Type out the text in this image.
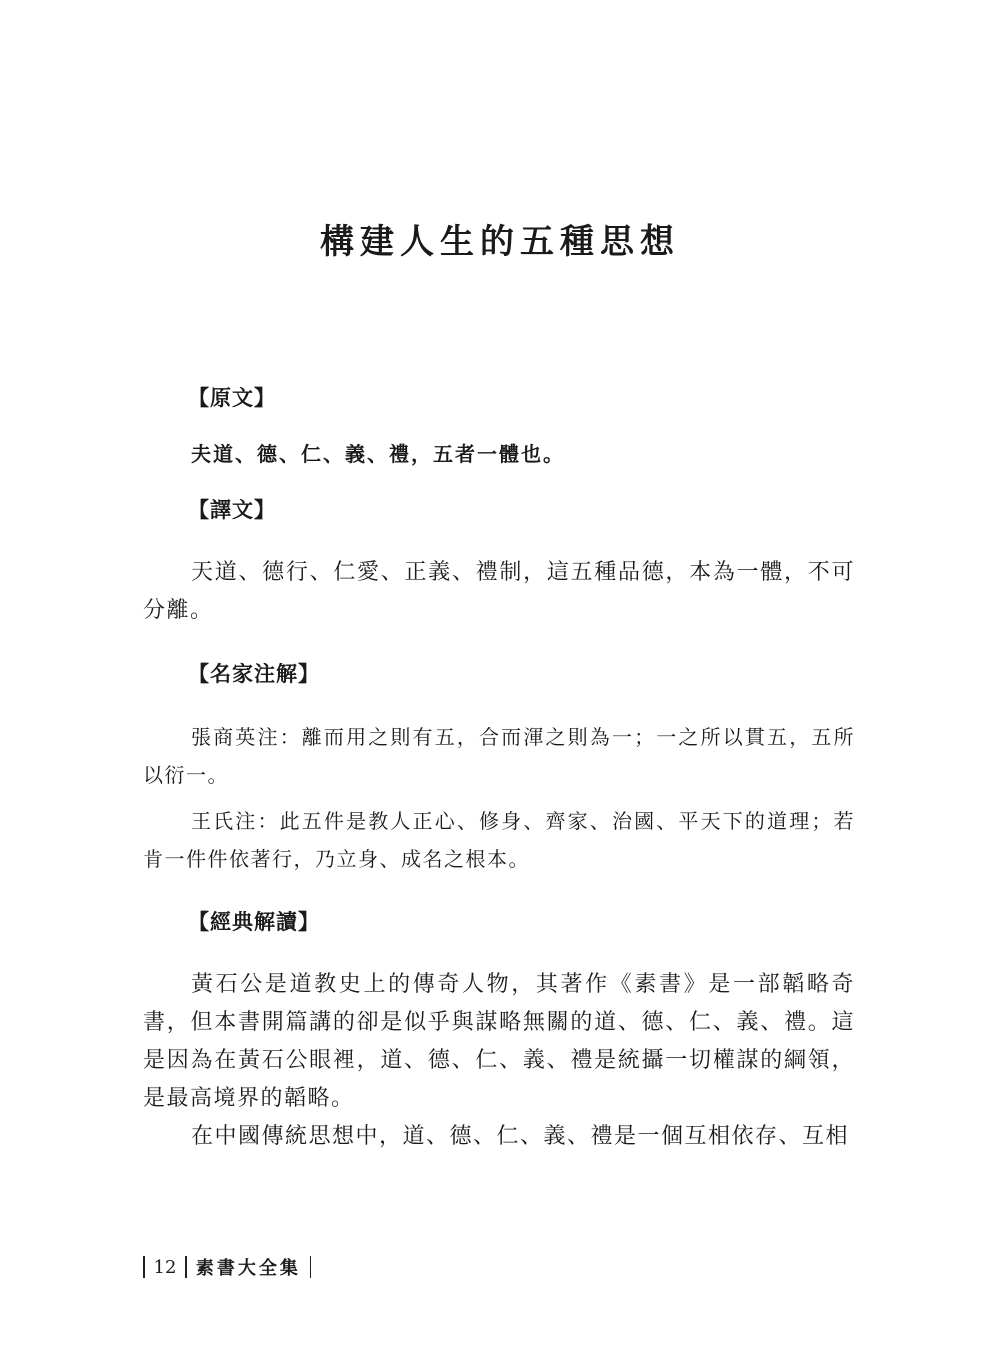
構建人生的五種思想
【原文】
夫道、德、仁、義、禮，五者一體也。
【譯文】

天道、德行、仁愛、正義、禮制，這五種品德，本為一體，不可分離。

【名家注解】

張商英注：離而用之則有五，合而渾之則為一；一之所以貫五，五所以衍一。

王氏注：此五件是教人正心、修身、齊家、治國、平天下的道理；若肯一件件依著行，乃立身、成名之根本。

【經典解讀】

黃石公是道教史上的傳奇人物，其著作《素書》是一部韜略奇書，但本書開篇講的卻是似乎與謀略無關的道、德、仁、義、禮。這是因為在黃石公眼裡，道、德、仁、義、禮是統攝一切權謀的綱領，是最高境界的韜略。

在中國傳統思想中，道、德、仁、義、禮是一個互相依存、互相

12	素書大全集
